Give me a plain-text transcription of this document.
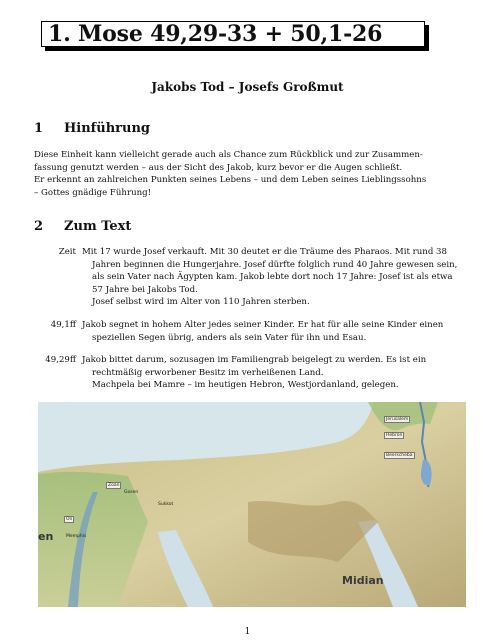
1. Mose 49,29-33 + 50,1-26
Jakobs Tod – Josefs Großmut
1 Hinführung
Diese Einheit kann vielleicht gerade auch als Chance zum Rückblick und zur Zusammen-
fassung genutzt werden – aus der Sicht des Jakob, kurz bevor er die Augen schließt.
Er erkennt an zahlreichen Punkten seines Lebens – und dem Leben seines Lieblingssohns
– Gottes gnädige Führung!
2 Zum Text
Zeit Mit 17 wurde Josef verkauft. Mit 30 deutet er die Träume des Pharaos. Mit rund 38
Jahren beginnen die Hungerjahre. Josef dürfte folglich rund 40 Jahre gewesen sein,
als sein Vater nach Ägypten kam. Jakob lebte dort noch 17 Jahre: Josef ist als etwa
57 Jahre bei Jakobs Tod.
Josef selbst wird im Alter von 110 Jahren sterben.
49,1ff Jakob segnet in hohem Alter jedes seiner Kinder. Er hat für alle seine Kinder einen
speziellen Segen übrig, anders als sein Vater für ihn und Esau.
49,29ff Jakob bittet darum, sozusagen im Familiengrab beigelegt zu werden. Es ist ein
rechtmäßig erworbener Besitz im verheißenen Land.
Machpela bei Mamre – im heutigen Hebron, Westjordanland, gelegen.
Zoan
Gosen
Jerusalem
Hebron
Beerscheba
On
Memphis
Sukkot
Midian
en
1
